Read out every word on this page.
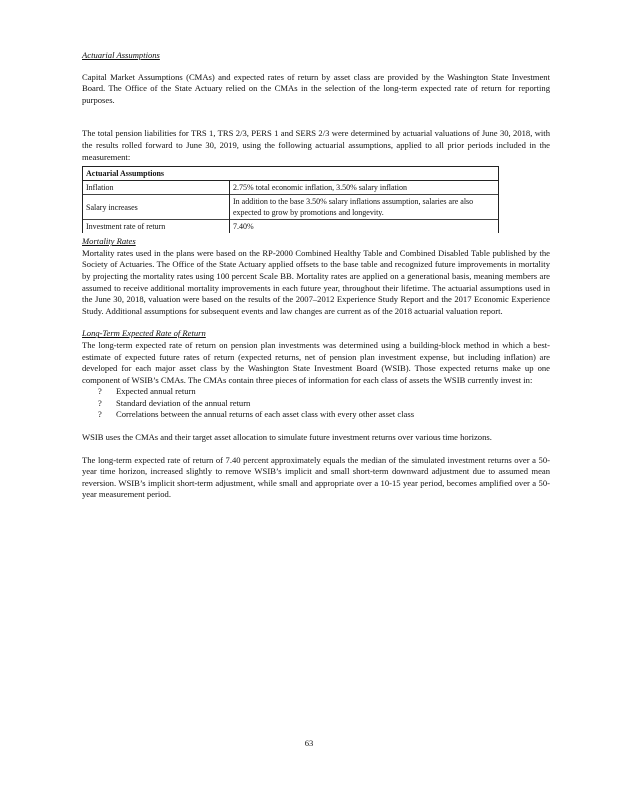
Actuarial Assumptions

Capital Market Assumptions (CMAs) and expected rates of return by asset class are provided by the Washington State Investment Board. The Office of the State Actuary relied on the CMAs in the selection of the long-term expected rate of return for reporting purposes.

The total pension liabilities for TRS 1, TRS 2/3, PERS 1 and SERS 2/3 were determined by actuarial valuations of June 30, 2018, with the results rolled forward to June 30, 2019, using the following actuarial assumptions, applied to all prior periods included in the measurement:

Actuarial Assumptions	
Inflation	2.75% total economic inflation, 3.50% salary inflation
Salary increases	In addition to the base 3.50% salary inflations assumption, salaries are also expected to grow by promotions and longevity.
Investment rate of return	7.40%
Mortality Rates

Mortality rates used in the plans were based on the RP-2000 Combined Healthy Table and Combined Disabled Table published by the Society of Actuaries. The Office of the State Actuary applied offsets to the base table and recognized future improvements in mortality by projecting the mortality rates using 100 percent Scale BB. Mortality rates are applied on a generational basis, meaning members are assumed to receive additional mortality improvements in each future year, throughout their lifetime. The actuarial assumptions used in the June 30, 2018, valuation were based on the results of the 2007–2012 Experience Study Report and the 2017 Economic Experience Study. Additional assumptions for subsequent events and law changes are current as of the 2018 actuarial valuation report.

Long-Term Expected Rate of Return

The long-term expected rate of return on pension plan investments was determined using a building-block method in which a best-estimate of expected future rates of return (expected returns, net of pension plan investment expense, but including inflation) are developed for each major asset class by the Washington State Investment Board (WSIB). Those expected returns make up one component of WSIB’s CMAs. The CMAs contain three pieces of information for each class of assets the WSIB currently invest in:

?	Expected annual return
?	Standard deviation of the annual return
?	Correlations between the annual returns of each asset class with every other asset class

WSIB uses the CMAs and their target asset allocation to simulate future investment returns over various time horizons.

The long-term expected rate of return of 7.40 percent approximately equals the median of the simulated investment returns over a 50-year time horizon, increased slightly to remove WSIB’s implicit and small short-term downward adjustment due to assumed mean reversion. WSIB’s implicit short-term adjustment, while small and appropriate over a 10-15 year period, becomes amplified over a 50-year measurement period.

63
